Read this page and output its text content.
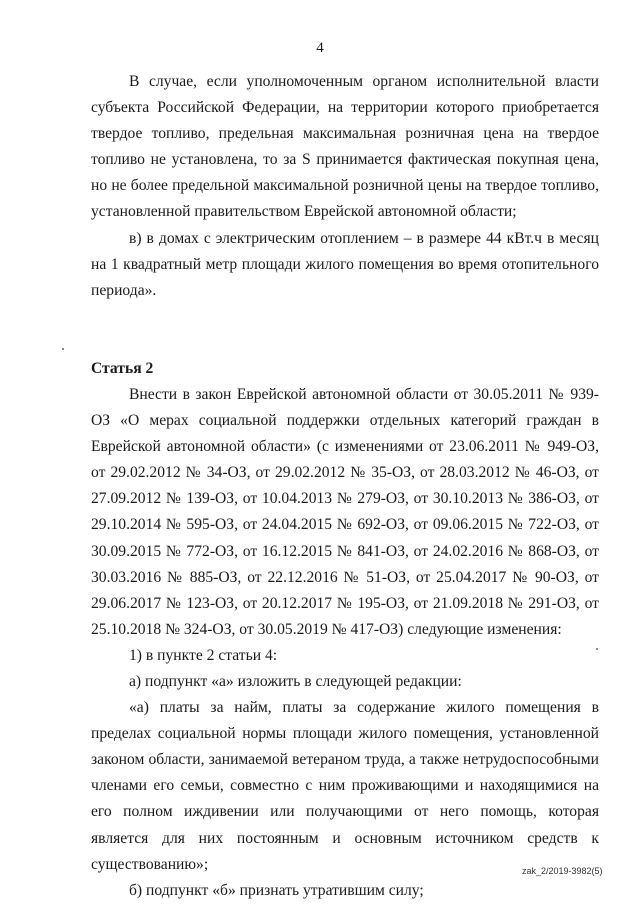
4

В случае, если уполномоченным органом исполнительной власти субъекта Российской Федерации, на территории которого приобретается твердое топливо, предельная максимальная розничная цена на твердое топливо не установлена, то за S принимается фактическая покупная цена, но не более предельной максимальной розничной цены на твердое топливо, установленной правительством Еврейской автономной области;

в) в домах с электрическим отоплением – в размере 44 кВт.ч в месяц на 1 квадратный метр площади жилого помещения во время отопительного периода».

Статья 2

Внести в закон Еврейской автономной области от 30.05.2011 № 939-ОЗ «О мерах социальной поддержки отдельных категорий граждан в Еврейской автономной области» (с изменениями от 23.06.2011 № 949-ОЗ, от 29.02.2012 № 34-ОЗ, от 29.02.2012 № 35-ОЗ, от 28.03.2012 № 46-ОЗ, от 27.09.2012 № 139-ОЗ, от 10.04.2013 № 279-ОЗ, от 30.10.2013 № 386-ОЗ, от 29.10.2014 № 595-ОЗ, от 24.04.2015 № 692-ОЗ, от 09.06.2015 № 722-ОЗ, от 30.09.2015 № 772-ОЗ, от 16.12.2015 № 841-ОЗ, от 24.02.2016 № 868-ОЗ, от 30.03.2016 № 885-ОЗ, от 22.12.2016 № 51-ОЗ, от 25.04.2017 № 90-ОЗ, от 29.06.2017 № 123-ОЗ, от 20.12.2017 № 195-ОЗ, от 21.09.2018 № 291-ОЗ, от 25.10.2018 № 324-ОЗ, от 30.05.2019 № 417-ОЗ) следующие изменения:

1) в пункте 2 статьи 4:

а) подпункт «а» изложить в следующей редакции:

«а) платы за найм, платы за содержание жилого помещения в пределах социальной нормы площади жилого помещения, установленной законом области, занимаемой ветераном труда, а также нетрудоспособными членами его семьи, совместно с ним проживающими и находящимися на его полном иждивении или получающими от него помощь, которая является для них постоянным и основным источником средств к существованию»;

б) подпункт «б» признать утратившим силу;

zak_2/2019-3982(5)
